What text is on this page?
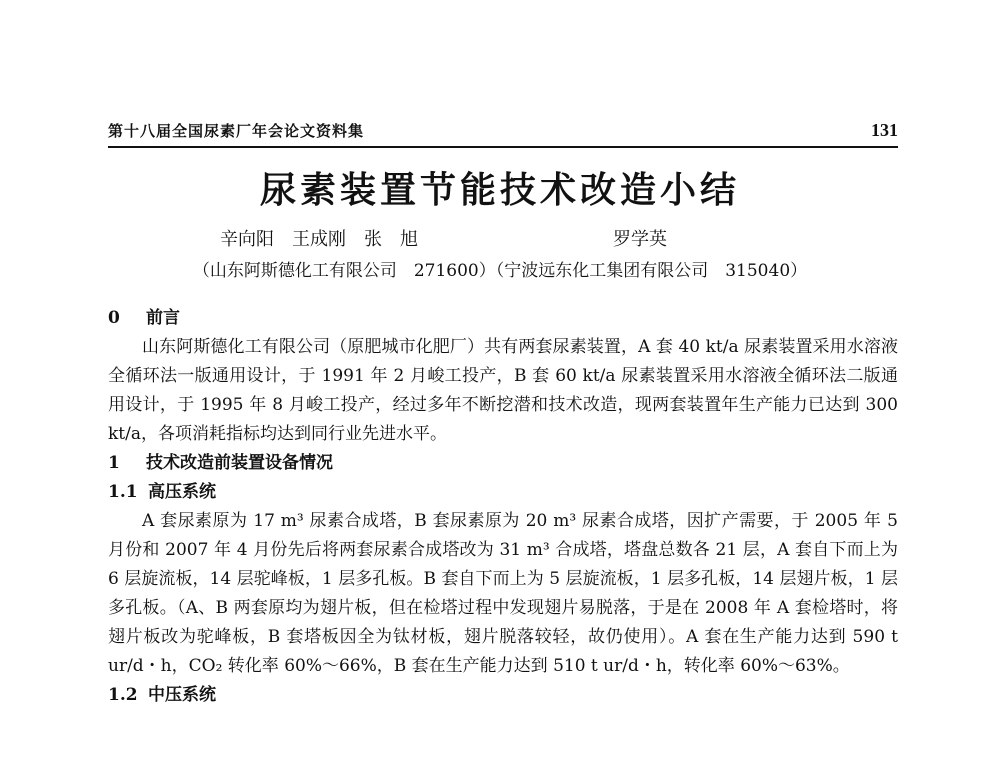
第十八届全国尿素厂年会论文资料集	131
尿素装置节能技术改造小结
辛向阳　王成刚　张　旭	罗学英
（山东阿斯德化工有限公司　271600）（宁波远东化工集团有限公司　315040）

0 前言

山东阿斯德化工有限公司（原肥城市化肥厂）共有两套尿素装置，A 套 40 kt/a 尿素装置采用水溶液全循环法一版通用设计，于 1991 年 2 月峻工投产，B 套 60 kt/a 尿素装置采用水溶液全循环法二版通用设计，于 1995 年 8 月峻工投产，经过多年不断挖潜和技术改造，现两套装置年生产能力已达到 300 kt/a，各项消耗指标均达到同行业先进水平。

1 技术改造前装置设备情况

1.1 高压系统

A 套尿素原为 17 m³ 尿素合成塔，B 套尿素原为 20 m³ 尿素合成塔，因扩产需要，于 2005 年 5 月份和 2007 年 4 月份先后将两套尿素合成塔改为 31 m³ 合成塔，塔盘总数各 21 层，A 套自下而上为 6 层旋流板，14 层驼峰板，1 层多孔板。B 套自下而上为 5 层旋流板，1 层多孔板，14 层翅片板，1 层多孔板。（A、B 两套原均为翅片板，但在检塔过程中发现翅片易脱落，于是在 2008 年 A 套检塔时，将翅片板改为驼峰板，B 套塔板因全为钛材板，翅片脱落较轻，故仍使用）。A 套在生产能力达到 590 t ur/d・h，CO₂ 转化率 60%～66%，B 套在生产能力达到 510 t ur/d・h，转化率 60%～63%。

1.2 中压系统
